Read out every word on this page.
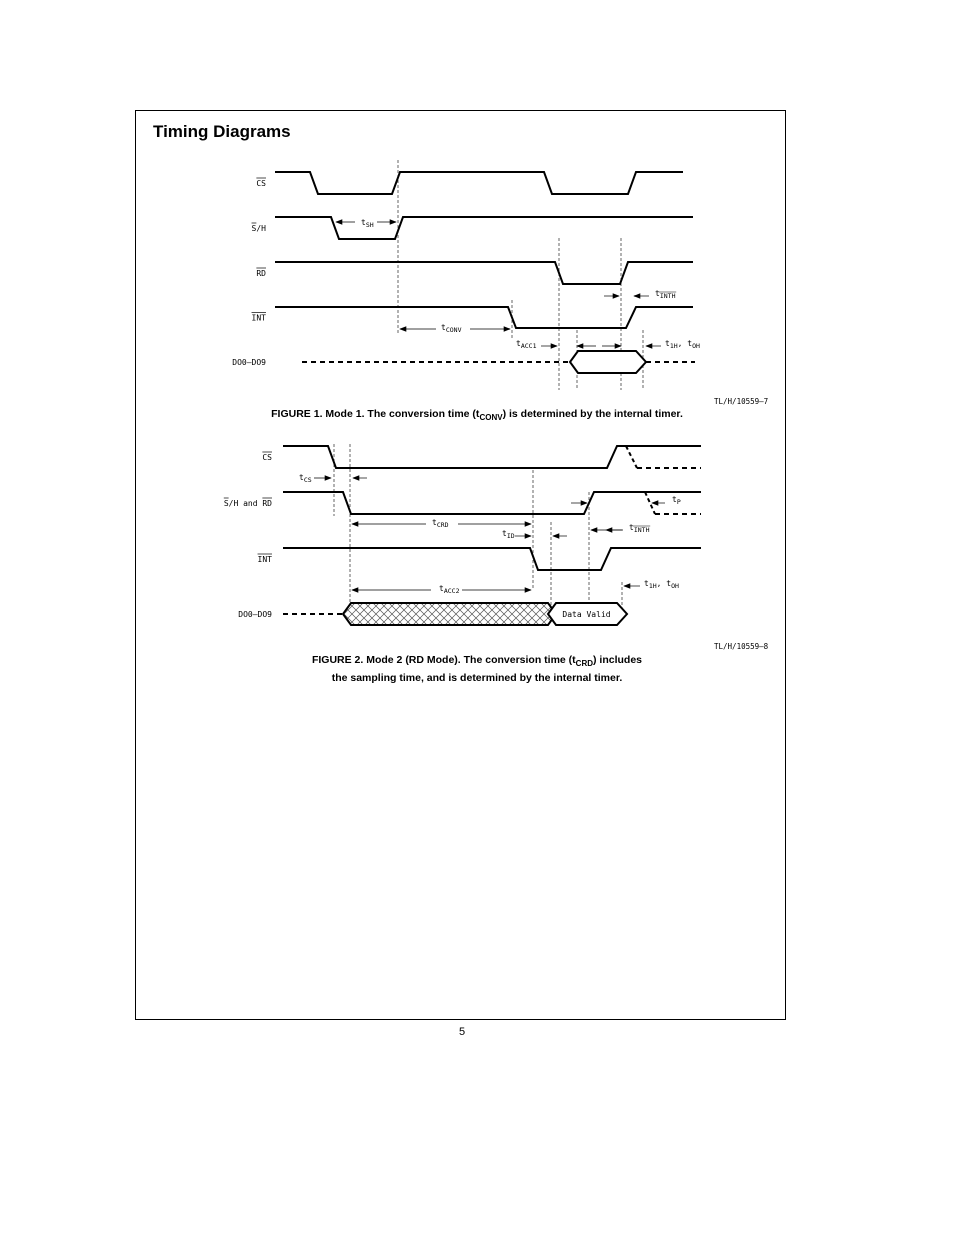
Timing Diagrams
CS
S/H
RD
INT
DO0–DO9
$t_{SH}$
$t_{INTH}$
$t_{CONV}$
$t_{ACC1}$	$t_{1H}$, $t_{OH}$
TL/H/10559–7
FIGURE 1. Mode 1. The conversion time $(t_{CONV})$ is determined by the internal timer.
CS
S/H and RD
INT
DO0–DO9	Data Valid
$t_{CS}$
$t_P$
$t_{CRD}$
$t_{ID}$
$t_{INTH}$
$t_{ACC2}$
$t_{1H}$, $t_{OH}$
TL/H/10559–8
FIGURE 2. Mode 2 (RD Mode). The conversion time $(t_{CRD})$ includes
the sampling time, and is determined by the internal timer.
5
